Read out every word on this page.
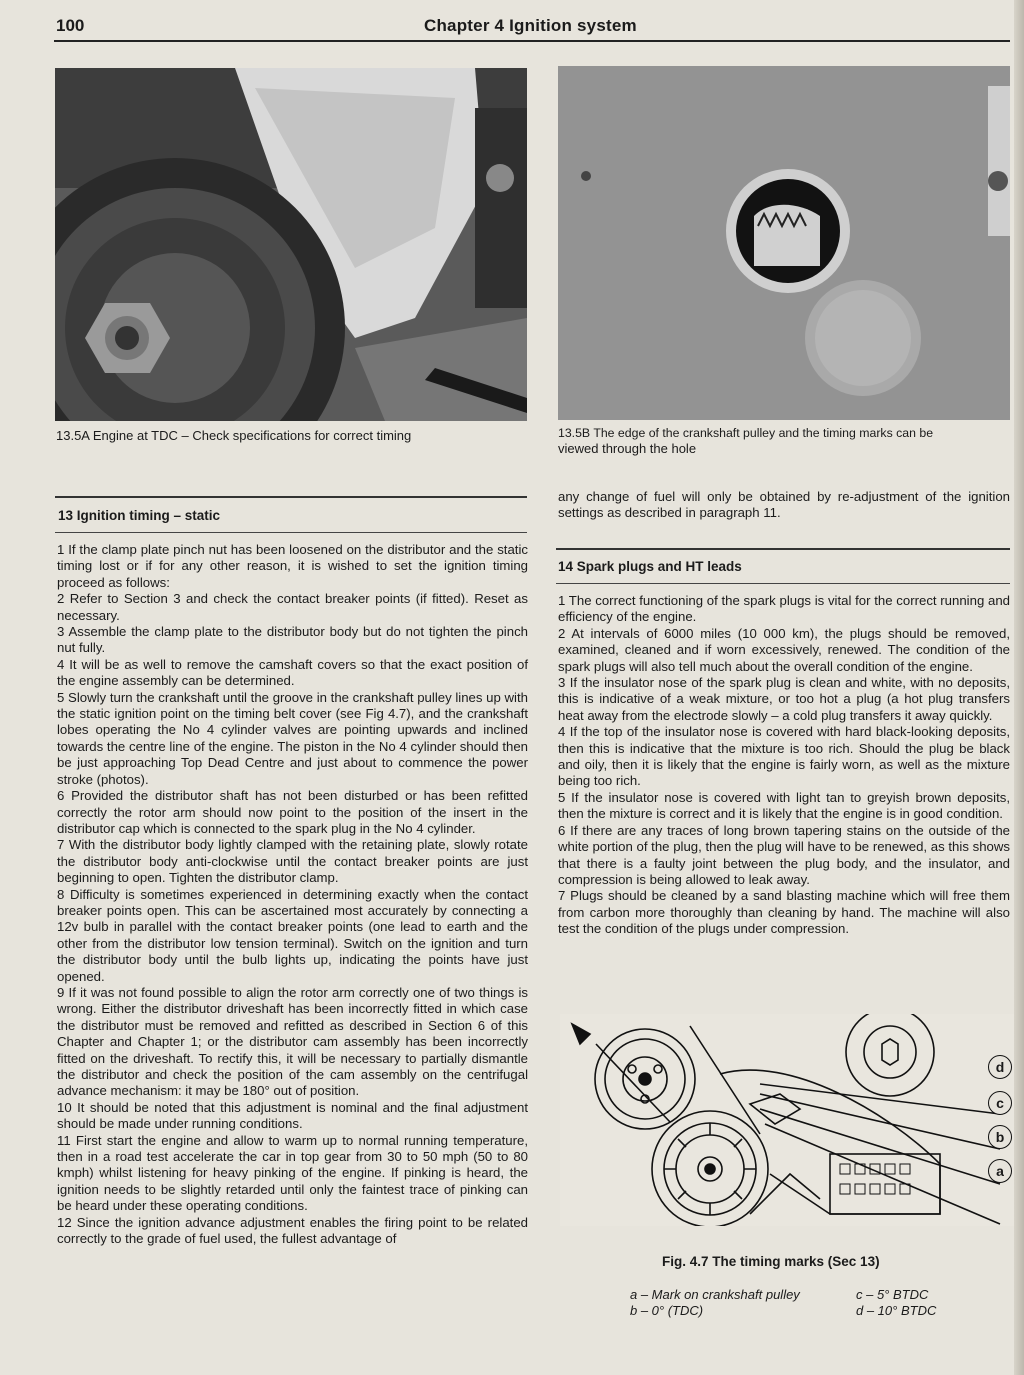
100	Chapter 4 Ignition system
13.5A Engine at TDC – Check specifications for correct timing	13.5B The edge of the crankshaft pulley and the timing marks can be
viewed through the hole
13 Ignition timing – static

1 If the clamp plate pinch nut has been loosened on the distributor and the static timing lost or if for any other reason, it is wished to set the ignition timing proceed as follows:

2 Refer to Section 3 and check the contact breaker points (if fitted). Reset as necessary.

3 Assemble the clamp plate to the distributor body but do not tighten the pinch nut fully.

4 It will be as well to remove the camshaft covers so that the exact position of the engine assembly can be determined.

5 Slowly turn the crankshaft until the groove in the crankshaft pulley lines up with the static ignition point on the timing belt cover (see Fig 4.7), and the crankshaft lobes operating the No 4 cylinder valves are pointing upwards and inclined towards the centre line of the engine. The piston in the No 4 cylinder should then be just approaching Top Dead Centre and just about to commence the power stroke (photos).

6 Provided the distributor shaft has not been disturbed or has been refitted correctly the rotor arm should now point to the position of the insert in the distributor cap which is connected to the spark plug in the No 4 cylinder.

7 With the distributor body lightly clamped with the retaining plate, slowly rotate the distributor body anti-clockwise until the contact breaker points are just beginning to open. Tighten the distributor clamp.

8 Difficulty is sometimes experienced in determining exactly when the contact breaker points open. This can be ascertained most accurately by connecting a 12v bulb in parallel with the contact breaker points (one lead to earth and the other from the distributor low tension terminal). Switch on the ignition and turn the distributor body until the bulb lights up, indicating the points have just opened.

9 If it was not found possible to align the rotor arm correctly one of two things is wrong. Either the distributor driveshaft has been incorrectly fitted in which case the distributor must be removed and refitted as described in Section 6 of this Chapter and Chapter 1; or the distributor cam assembly has been incorrectly fitted on the driveshaft. To rectify this, it will be necessary to partially dismantle the distributor and check the position of the cam assembly on the centrifugal advance mechanism: it may be 180° out of position.

10 It should be noted that this adjustment is nominal and the final adjustment should be made under running conditions.

11 First start the engine and allow to warm up to normal running temperature, then in a road test accelerate the car in top gear from 30 to 50 mph (50 to 80 kmph) whilst listening for heavy pinking of the engine. If pinking is heard, the ignition needs to be slightly retarded until only the faintest trace of pinking can be heard under these operating conditions.

12 Since the ignition advance adjustment enables the firing point to be related correctly to the grade of fuel used, the fullest advantage of

any change of fuel will only be obtained by re-adjustment of the ignition settings as described in paragraph 11.
14 Spark plugs and HT leads

1 The correct functioning of the spark plugs is vital for the correct running and efficiency of the engine.

2 At intervals of 6000 miles (10 000 km), the plugs should be removed, examined, cleaned and if worn excessively, renewed. The condition of the spark plugs will also tell much about the overall condition of the engine.

3 If the insulator nose of the spark plug is clean and white, with no deposits, this is indicative of a weak mixture, or too hot a plug (a hot plug transfers heat away from the electrode slowly – a cold plug transfers it away quickly.

4 If the top of the insulator nose is covered with hard black-looking deposits, then this is indicative that the mixture is too rich. Should the plug be black and oily, then it is likely that the engine is fairly worn, as well as the mixture being too rich.

5 If the insulator nose is covered with light tan to greyish brown deposits, then the mixture is correct and it is likely that the engine is in good condition.

6 If there are any traces of long brown tapering stains on the outside of the white portion of the plug, then the plug will have to be renewed, as this shows that there is a faulty joint between the plug body, and the insulator, and compression is being allowed to leak away.

7 Plugs should be cleaned by a sand blasting machine which will free them from carbon more thoroughly than cleaning by hand. The machine will also test the condition of the plugs under compression.

d
c
b
a
Fig. 4.7 The timing marks (Sec 13)
a – Mark on crankshaft pulley	c – 5° BTDC
b – 0° (TDC)	d – 10° BTDC
